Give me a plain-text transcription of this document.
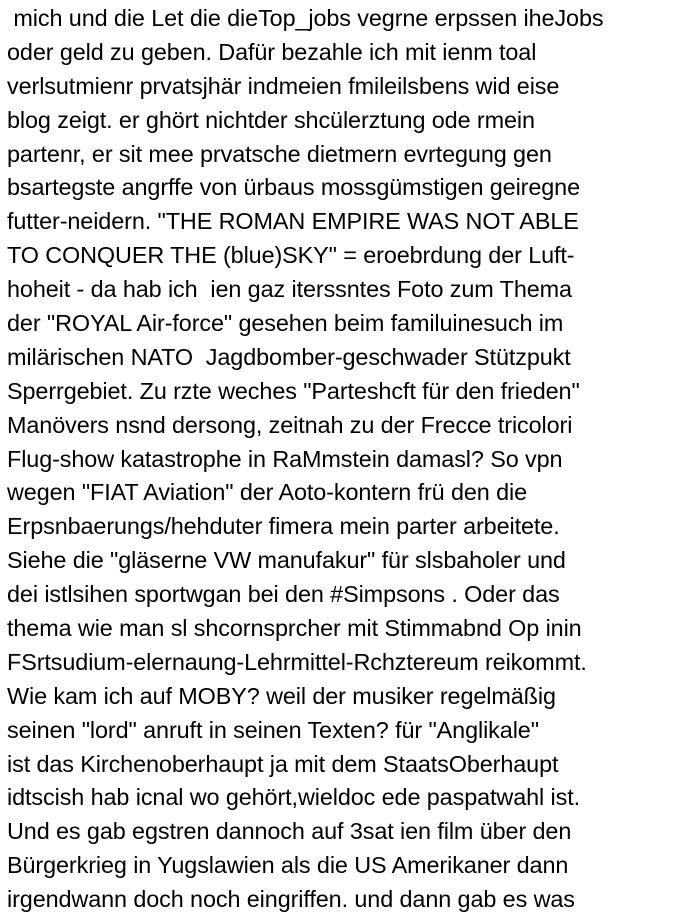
mich und die Let die dieTop_jobs vegrne erpssen iheJobs
oder geld zu geben. Dafür bezahle ich mit ienm toal
verlsutmienr prvatsjhär indmeien fmileilsbens wid eise
blog zeigt. er ghört nichtder shcülerztung ode rmein
partenr, er sit mee prvatsche dietmern evrtegung gen
bsartegste angrffe von ürbaus mossgümstigen geiregne
futter-neidern. "THE ROMAN EMPIRE WAS NOT ABLE
TO CONQUER THE (blue)SKY" = eroebrdung der Luft-
hoheit - da hab ich  ien gaz iterssntes Foto zum Thema
der "ROYAL Air-force" gesehen beim familuinesuch im
milärischen NATO  Jagdbomber-geschwader Stützpukt
Sperrgebiet. Zu rzte weches "Parteshcft für den frieden"
Manövers nsnd dersong, zeitnah zu der Frecce tricolori
Flug-show katastrophe in RaMmstein damasl? So vpn
wegen "FIAT Aviation" der Aoto-kontern frü den die
Erpsnbaerungs/hehduter fimera mein parter arbeitete.
Siehe die "gläserne VW manufakur" für slsbaholer und
dei istlsihen sportwgan bei den #Simpsons . Oder das
thema wie man sl shcornsprcher mit Stimmabnd Op inin
FSrtsudium-elernaung-Lehrmittel-Rchztereum reikommt.
Wie kam ich auf MOBY? weil der musiker regelmäßig
seinen "lord" anruft in seinen Texten? für "Anglikale"
ist das Kirchenoberhaupt ja mit dem StaatsOberhaupt
idtscish hab icnal wo gehört,wieldoc ede paspatwahl ist.
Und es gab egstren dannoch auf 3sat ien film über den
Bürgerkrieg in Yugslawien als die US Amerikaner dann
irgendwann doch noch eingriffen. und dann gab es was
